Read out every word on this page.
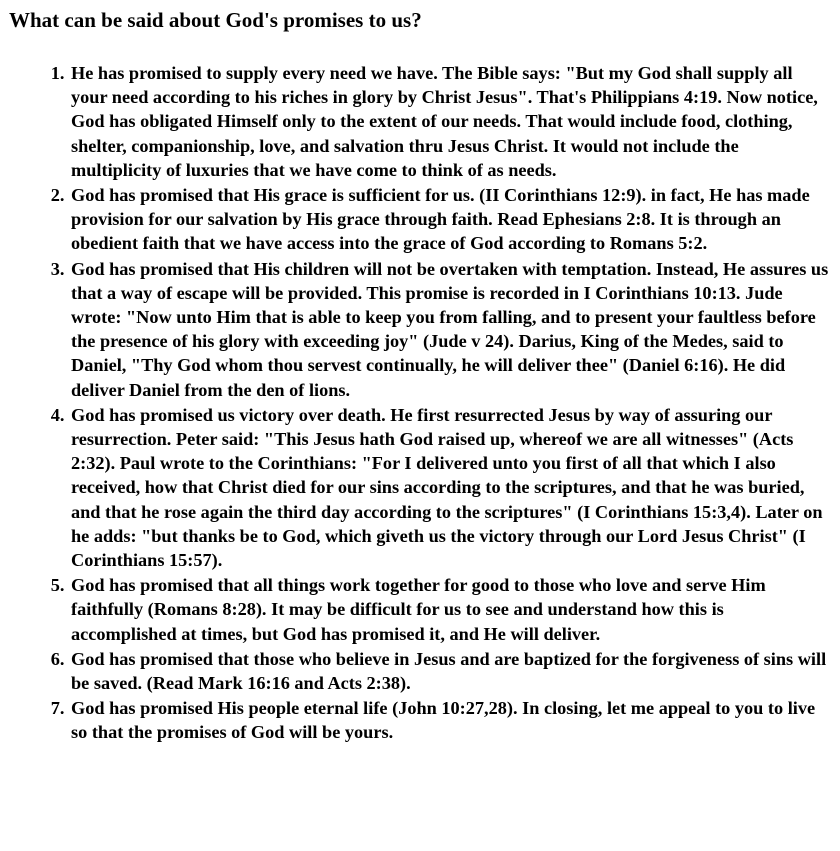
What can be said about God's promises to us?
1. He has promised to supply every need we have. The Bible says: "But my God shall supply all your need according to his riches in glory by Christ Jesus". That's Philippians 4:19. Now notice, God has obligated Himself only to the extent of our needs. That would include food, clothing, shelter, companionship, love, and salvation thru Jesus Christ. It would not include the multiplicity of luxuries that we have come to think of as needs.
2. God has promised that His grace is sufficient for us. (II Corinthians 12:9). in fact, He has made provision for our salvation by His grace through faith. Read Ephesians 2:8. It is through an obedient faith that we have access into the grace of God according to Romans 5:2.
3. God has promised that His children will not be overtaken with temptation. Instead, He assures us that a way of escape will be provided. This promise is recorded in I Corinthians 10:13. Jude wrote: "Now unto Him that is able to keep you from falling, and to present your faultless before the presence of his glory with exceeding joy" (Jude v 24). Darius, King of the Medes, said to Daniel, "Thy God whom thou servest continually, he will deliver thee" (Daniel 6:16). He did deliver Daniel from the den of lions.
4. God has promised us victory over death. He first resurrected Jesus by way of assuring our resurrection. Peter said: "This Jesus hath God raised up, whereof we are all witnesses" (Acts 2:32). Paul wrote to the Corinthians: "For I delivered unto you first of all that which I also received, how that Christ died for our sins according to the scriptures, and that he was buried, and that he rose again the third day according to the scriptures" (I Corinthians 15:3,4). Later on he adds: "but thanks be to God, which giveth us the victory through our Lord Jesus Christ" (I Corinthians 15:57).
5. God has promised that all things work together for good to those who love and serve Him faithfully (Romans 8:28). It may be difficult for us to see and understand how this is accomplished at times, but God has promised it, and He will deliver.
6. God has promised that those who believe in Jesus and are baptized for the forgiveness of sins will be saved. (Read Mark 16:16 and Acts 2:38).
7. God has promised His people eternal life (John 10:27,28). In closing, let me appeal to you to live so that the promises of God will be yours.
